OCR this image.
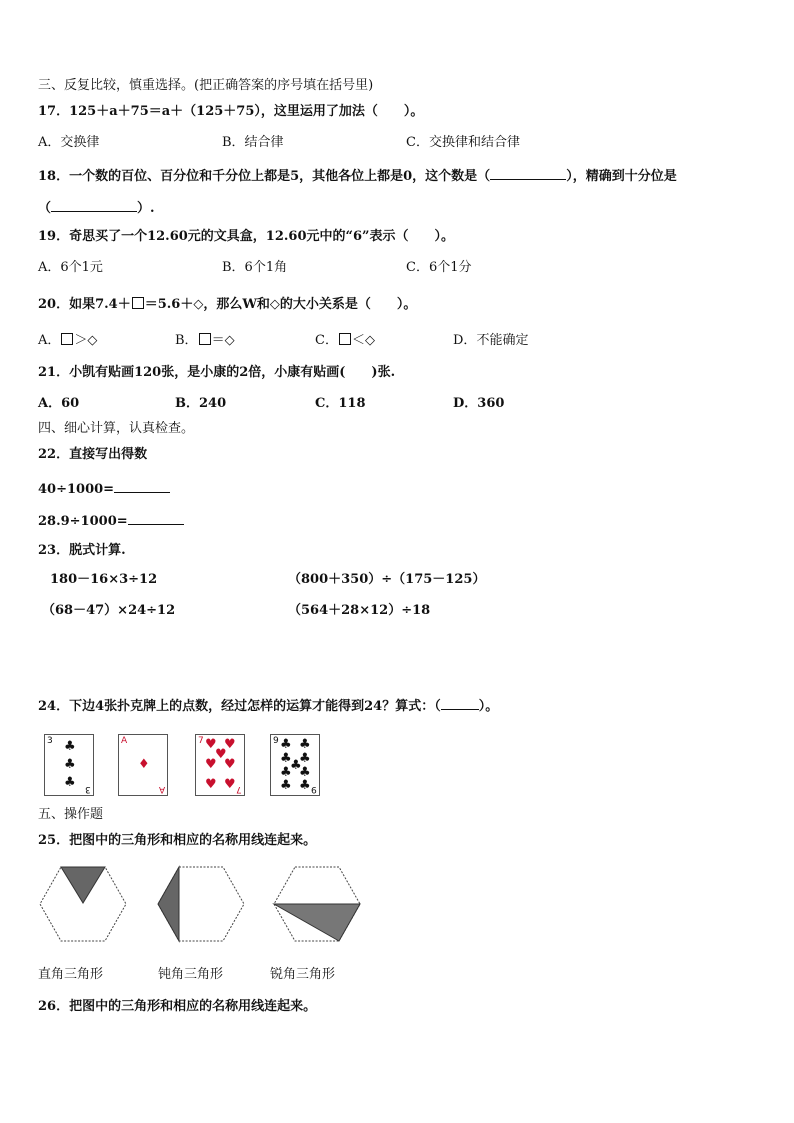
三、反复比较，慎重选择。(把正确答案的序号填在括号里)
17．125＋a＋75＝a＋（125＋75），这里运用了加法（　　）。
A．交换律	B．结合律	C．交换律和结合律
18．一个数的百位、百分位和千分位上都是5，其他各位上都是0，这个数是（	），精确到十分位是
（	）.
19．奇思买了一个12.60元的文具盒，12.60元中的“6”表示（　　）。
A．6个1元	B．6个1角	C．6个1分
20．如果7.4＋ ＝5.6＋◇，那么W和◇的大小关系是（　　）。
A． ＞◇	B． ＝◇	C． ＜◇	D．不能确定
21．小凯有贴画120张，是小康的2倍，小康有贴画(　　)张.
A．60	B．240	C．118	D．360
四、细心计算，认真检查。
22．直接写出得数
40÷1000=
28.9÷1000=
23．脱式计算.
180－16×3÷12	（800＋350）÷（175－125）
（68－47）×24÷12	（564＋28×12）÷18
24．下边4张扑克牌上的点数，经过怎样的运算才能得到24？算式：（	）。
3
3
♣
♣
♣
A
A
♦
7
7
♥ ♥
♥
♥ ♥
♥ ♥
9
9
♣ ♣
♣ ♣
♣
♣ ♣
♣ ♣
五、操作题
25．把图中的三角形和相应的名称用线连起来。
直角三角形	钝角三角形	锐角三角形
26．把图中的三角形和相应的名称用线连起来。
